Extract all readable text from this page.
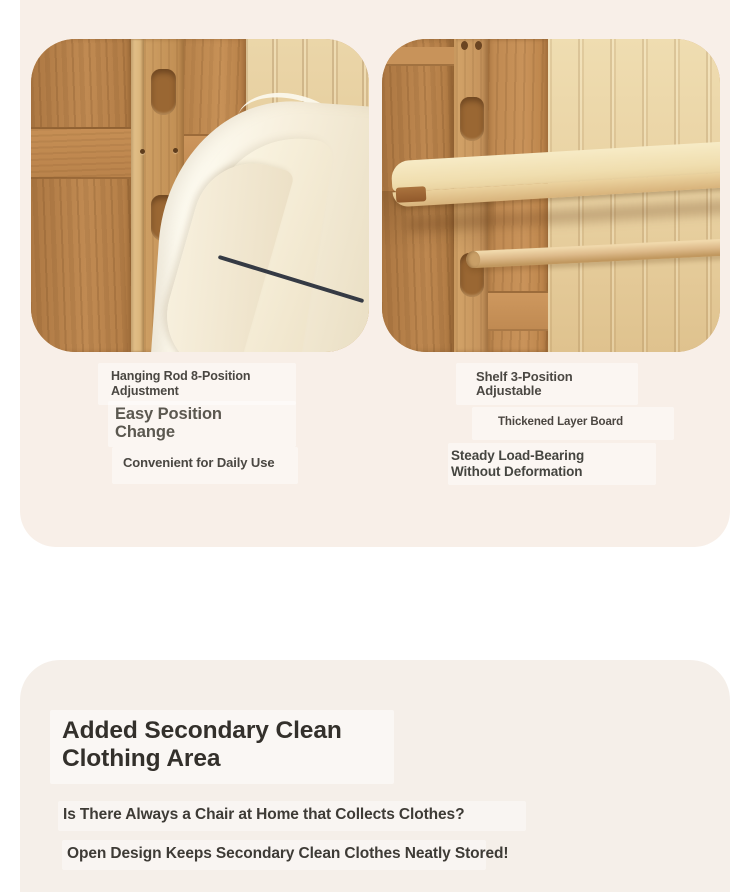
Hanging Rod 8-Position
Adjustment
Easy Position
Change
Convenient for Daily Use
Shelf 3-Position
Adjustable
Thickened Layer Board
Steady Load-Bearing
Without Deformation
Added Secondary Clean
Clothing Area
Is There Always a Chair at Home that Collects Clothes?
Open Design Keeps Secondary Clean Clothes Neatly Stored!
